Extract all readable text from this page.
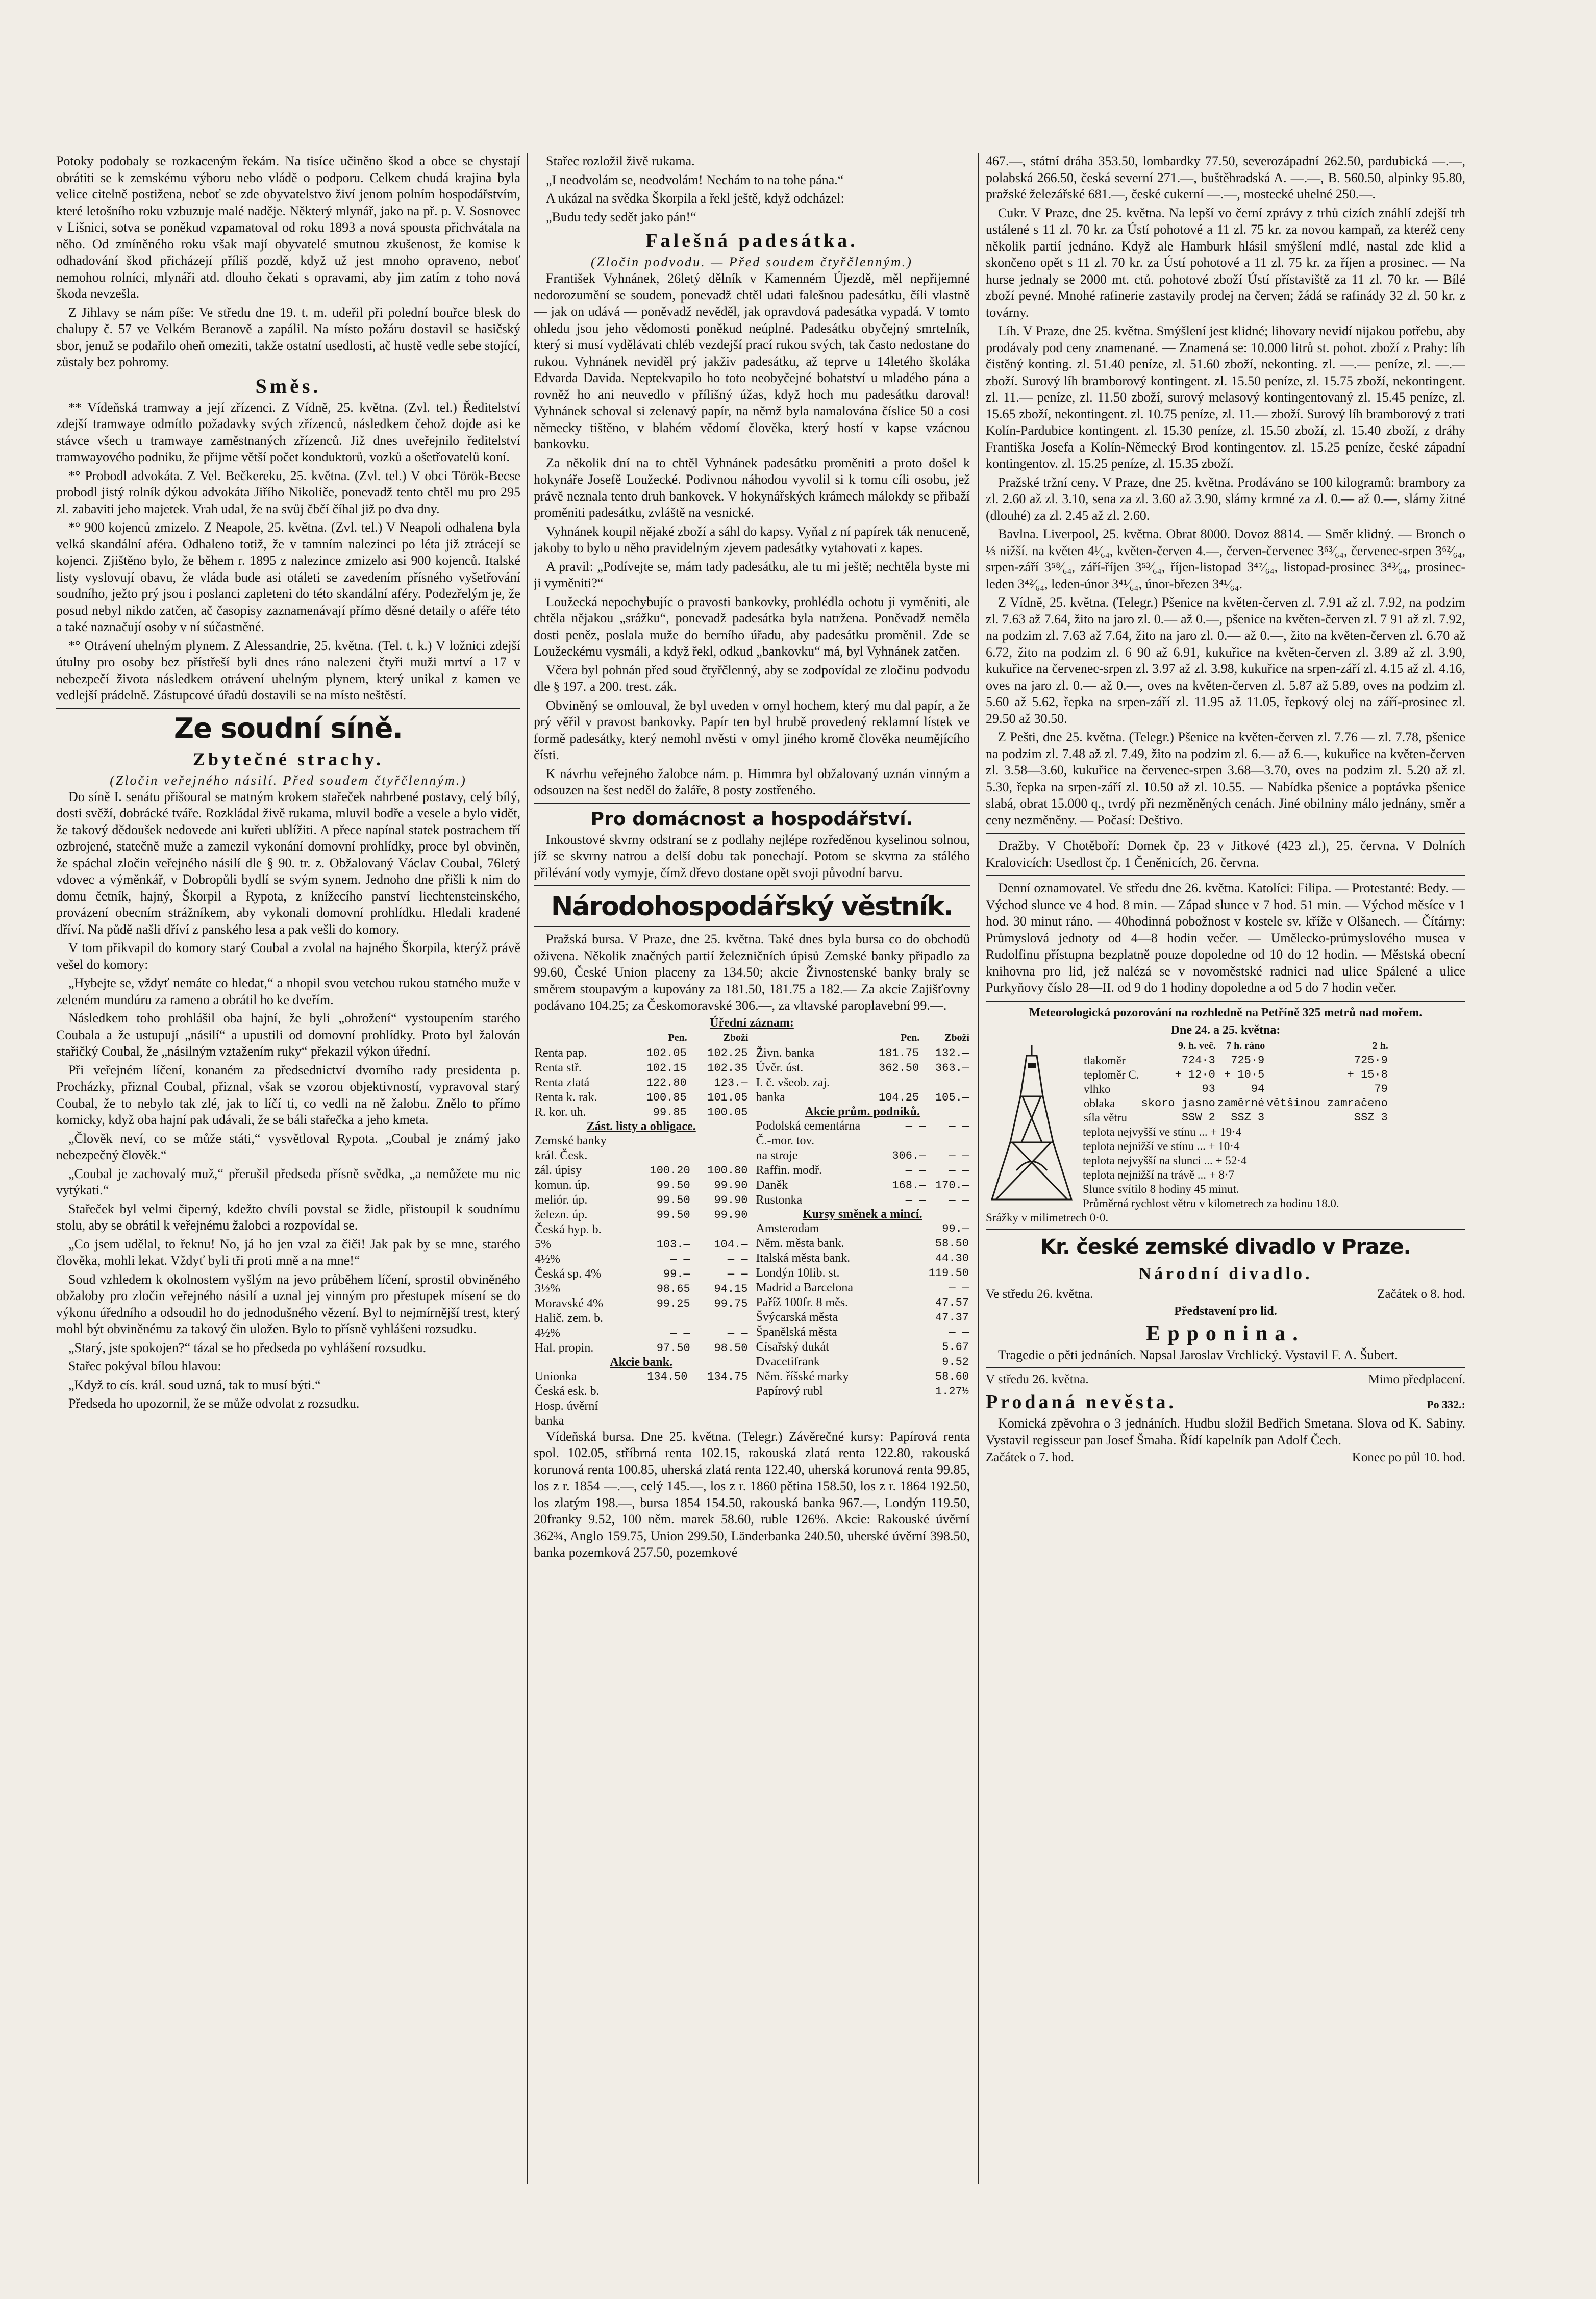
Potoky podobaly se rozkaceným řekám. Na tisíce učiněno škod a obce se chystají obrátiti se k zemskému výboru nebo vládě o podporu. Celkem chudá krajina byla velice citelně postižena, neboť se zde obyvatelstvo živí jenom polním hospodářstvím, které letošního roku vzbuzuje malé naděje. Některý mlynář, jako na př. p. V. Sosnovec v Lišnici, sotva se poněkud vzpamatoval od roku 1893 a nová spousta přichvátala na něho. Od zmíněného roku však mají obyvatelé smutnou zkušenost, že komise k odhadování škod přicházejí příliš pozdě, když už jest mnoho opraveno, neboť nemohou rolníci, mlynáři atd. dlouho čekati s opravami, aby jim zatím z toho nová škoda nevzešla.

Z Jihlavy se nám píše: Ve středu dne 19. t. m. udeřil při polední bouřce blesk do chalupy č. 57 ve Velkém Beranově a zapálil. Na místo požáru dostavil se hasičský sbor, jenuž se podařilo oheň omeziti, takže ostatní usedlosti, ač hustě vedle sebe stojící, zůstaly bez pohromy.

Směs.

** Vídeňská tramway a její zřízenci. Z Vídně, 25. května. (Zvl. tel.) Ředitelství zdejší tramwaye odmítlo požadavky svých zřízenců, následkem čehož dojde asi ke stávce všech u tramwaye zaměstnaných zřízenců. Již dnes uveřejnilo ředitelství tramwayového podniku, že přijme větší počet konduktorů, vozků a ošetřovatelů koní.

*° Probodl advokáta. Z Vel. Bečkereku, 25. května. (Zvl. tel.) V obci Török-Becse probodl jistý rolník dýkou advokáta Jiřího Nikoliče, ponevadž tento chtěl mu pro 295 zl. zabaviti jeho majetek. Vrah udal, že na svůj čbčí číhal již po dva dny.

*° 900 kojenců zmizelo. Z Neapole, 25. května. (Zvl. tel.) V Neapoli odhalena byla velká skandální aféra. Odhaleno totiž, že v tamním nalezinci po léta již ztrácejí se kojenci. Zjištěno bylo, že během r. 1895 z nalezince zmizelo asi 900 kojenců. Italské listy vyslovují obavu, že vláda bude asi otáleti se zavedením přísného vyšetřování soudního, ježto prý jsou i poslanci zapleteni do této skandální aféry. Podezřelým je, že posud nebyl nikdo zatčen, ač časopisy zaznamenávají přímo děsné detaily o aféře této a také naznačují osoby v ní súčastněné.

*° Otrávení uhelným plynem. Z Alessandrie, 25. května. (Tel. t. k.) V ložnici zdejší útulny pro osoby bez přístřeší byli dnes ráno nalezeni čtyři muži mrtví a 17 v nebezpečí života následkem otrávení uhelným plynem, který unikal z kamen ve vedlejší prádelně. Zástupcové úřadů dostavili se na místo neštěstí.

Ze soudní síně.
Zbytečné strachy.
(Zločin veřejného násilí. Před soudem čtyřčlenným.)

Do síně I. senátu přišoural se matným krokem stařeček nahrbené postavy, celý bílý, dosti svěží, dobrácké tváře. Rozkládal živě rukama, mluvil bodře a vesele a bylo vidět, že takový dědoušek nedovede ani kuřeti ublížiti. A přece napínal statek postrachem tří ozbrojené, statečně muže a zamezil vykonání domovní prohlídky, proce byl obviněn, že spáchal zločin veřejného násilí dle § 90. tr. z. Obžalovaný Václav Coubal, 76letý vdovec a výměnkář, v Dobropůli bydlí se svým synem. Jednoho dne přišli k nim do domu četník, hajný, Škorpil a Rypota, z knížecího panství liechtensteinského, provázení obecním strážníkem, aby vykonali domovní prohlídku. Hledali kradené dříví. Na půdě našli dříví z panského lesa a pak vešli do komory.

V tom přikvapil do komory starý Coubal a zvolal na hajného Škorpila, kterýž právě vešel do komory:

„Hybejte se, vždyť nemáte co hledat,“ a nhopil svou vetchou rukou statného muže v zeleném mundúru za rameno a obrátil ho ke dveřím.

Následkem toho prohlášil oba hajní, že byli „ohrožení“ vystoupením starého Coubala a že ustupují „násilí“ a upustili od domovní prohlídky. Proto byl žalován stařičký Coubal, že „násilným vztažením ruky“ překazil výkon úřední.

Při veřejném líčení, konaném za předsednictví dvorního rady presidenta p. Procházky, přiznal Coubal, přiznal, však se vzorou objektivností, vypravoval starý Coubal, že to nebylo tak zlé, jak to líčí ti, co vedli na ně žalobu. Znělo to přímo komicky, když oba hajní pak udávali, že se báli stařečka a jeho kmeta.

„Člověk neví, co se může státi,“ vysvětloval Rypota. „Coubal je známý jako nebezpečný člověk.“

„Coubal je zachovalý muž,“ přerušil předseda přísně svědka, „a nemůžete mu nic vytýkati.“

Stařeček byl velmi čiperný, kdežto chvíli povstal se židle, přistoupil k soudnímu stolu, aby se obrátil k veřejnému žalobci a rozpovídal se.

„Co jsem udělal, to řeknu! No, já ho jen vzal za čiči! Jak pak by se mne, starého člověka, mohli lekat. Vždyť byli tři proti mně a na mne!“

Soud vzhledem k okolnostem vyšlým na jevo průběhem líčení, sprostil obviněného obžaloby pro zločin veřejného násilí a uznal jej vinným pro přestupek mísení se do výkonu úředního a odsoudil ho do jednodušného vězení. Byl to nejmírnější trest, který mohl být obviněnému za takový čin uložen. Bylo to přísně vyhlášeni rozsudku.

„Starý, jste spokojen?“ tázal se ho předseda po vyhlášení rozsudku.

Stařec pokýval bílou hlavou:

„Když to cís. král. soud uzná, tak to musí býti.“

Předseda ho upozornil, že se může odvolat z rozsudku.

Stařec rozložil živě rukama.

„I neodvolám se, neodvolám! Nechám to na tohe pána.“

A ukázal na svědka Škorpila a řekl ještě, když odcházel:

„Budu tedy sedět jako pán!“

Falešná padesátka.
(Zločin podvodu. — Před soudem čtyřčlenným.)

František Vyhnánek, 26letý dělník v Kamenném Újezdě, měl nepřijemné nedorozumění se soudem, ponevadž chtěl udati falešnou padesátku, číli vlastně — jak on udává — poněvadž nevěděl, jak opravdová padesátka vypadá. V tomto ohledu jsou jeho vědomosti poněkud neúplné. Padesátku obyčejný smrtelník, který si musí vydělávati chléb vezdejší prací rukou svých, tak často nedostane do rukou. Vyhnánek neviděl prý jakživ padesátku, až teprve u 14letého školáka Edvarda Davida. Neptekvapilo ho toto neobyčejné bohatství u mladého pána a rovněž ho ani neuvedlo v přílišný úžas, když hoch mu padesátku daroval! Vyhnánek schoval si zelenavý papír, na němž byla namalována číslice 50 a cosi německy tištěno, v blahém vědomí člověka, který hostí v kapse vzácnou bankovku.

Za několik dní na to chtěl Vyhnánek padesátku proměniti a proto došel k hokynáře Josefě Loužecké. Podivnou náhodou vyvolil si k tomu cíli osobu, jež právě neznala tento druh bankovek. V hokynářských krámech málokdy se přibaží proměniti padesátku, zvláště na vesnické.

Vyhnánek koupil nějaké zboží a sáhl do kapsy. Vyňal z ní papírek ták nenuceně, jakoby to bylo u něho pravidelným zjevem padesátky vytahovati z kapes.

A pravil: „Podívejte se, mám tady padesátku, ale tu mi ještě; nechtěla byste mi ji vyměniti?“

Loužecká nepochybujíc o pravosti bankovky, prohlédla ochotu ji vyměniti, ale chtěla nějakou „srážku“, ponevadž padesátka byla natržena. Poněvadž neměla dosti peněz, poslala muže do berního úřadu, aby padesátku proměnil. Zde se Loužeckému vysmáli, a když řekl, odkud „bankovku“ má, byl Vyhnánek zatčen.

Včera byl pohnán před soud čtyřčlenný, aby se zodpovídal ze zločinu podvodu dle § 197. a 200. trest. zák.

Obviněný se omlouval, že byl uveden v omyl hochem, který mu dal papír, a že prý věřil v pravost bankovky. Papír ten byl hrubě provedený reklamní lístek ve formě padesátky, který nemohl nvěsti v omyl jiného kromě člověka neumějícího čísti.

K návrhu veřejného žalobce nám. p. Himmra byl obžalovaný uznán vinným a odsouzen na šest neděl do žaláře, 8 posty zostřeného.

Pro domácnost a hospodářství.

Inkoustové skvrny odstraní se z podlahy nejlépe rozředěnou kyselinou solnou, jíž se skvrny natrou a delší dobu tak ponechají. Potom se skvrna za stálého přilévání vody vymyje, čímž dřevo dostane opět svoji původní barvu.

Národohospodářský věstník.

Pražská bursa. V Praze, dne 25. května. Také dnes byla bursa co do obchodů oživena. Několik značných partií železničních úpisů Zemské banky připadlo za 99.60, České Union placeny za 134.50; akcie Živnostenské banky braly se směrem stoupavým a kupovány za 181.50, 181.75 a 182.— Za akcie Zajišťovny podávano 104.25; za Českomoravské 306.—, za vltavské paroplavební 99.—.

Úřední záznam:
	Pen.	Zboží
Renta pap.	102.05	102.25
Renta stř.	102.15	102.35
Renta zlatá	122.80	123.—
Renta k. rak.	100.85	101.05
R. kor. uh.	99.85	100.05
Zást. listy a obligace.
Zemské banky		
král. Česk.		
zál. úpisy	100.20	100.80
komun. úp.	99.50	99.90
meliór. úp.	99.50	99.90
železn. úp.	99.50	99.90
Česká hyp. b.		
5%	103.—	104.—
4½%	— —	— —
Česká sp. 4%	99.—	— —
3½%	98.65	94.15
Moravské 4%	99.25	99.75
Halič. zem. b.		
4½%	— —	— —
Hal. propin.	97.50	98.50
Akcie bank.
Unionka	134.50	134.75
Česká esk. b.		
Hosp. úvěrní		
banka		
	Pen.	Zboží
Živn. banka	181.75	132.—
Úvěr. úst.	362.50	363.—
I. č. všeob. zaj.		
banka	104.25	105.—
Akcie prům. podniků.
Podolská cementárna	— —	— —
Č.-mor. tov.		
na stroje	306.—	— —
Raffin. modř.	— —	— —
Daněk	168.—	170.—
Rustonka	— —	— —
Kursy směnek a mincí.
Amsterodam	99.—
Něm. města bank.	58.50
Italská města bank.	44.30
Londýn 10lib. st.	119.50
Madrid a Barcelona	— —
Paříž 100fr. 8 měs.	47.57
Švýcarská města	47.37
Španělská města	— —
Císařský dukát	5.67
Dvacetifrank	9.52
Něm. říšské marky	58.60
Papírový rubl	1.27½

Vídeňská bursa. Dne 25. května. (Telegr.) Závěrečné kursy: Papírová renta spol. 102.05, stříbrná renta 102.15, rakouská zlatá renta 122.80, rakouská korunová renta 100.85, uherská zlatá renta 122.40, uherská korunová renta 99.85, los z r. 1854 —.—, celý 145.—, los z r. 1860 pětina 158.50, los z r. 1864 192.50, los zlatým 198.—, bursa 1854 154.50, rakouská banka 967.—, Londýn 119.50, 20franky 9.52, 100 něm. marek 58.60, ruble 126%. Akcie: Rakouské úvěrní 362¾, Anglo 159.75, Union 299.50, Länderbanka 240.50, uherské úvěrní 398.50, banka pozemková 257.50, pozemkové

467.—, státní dráha 353.50, lombardky 77.50, severozápadní 262.50, pardubická —.—, polabská 266.50, česká severní 271.—, buštěhradská A. —.—, B. 560.50, alpinky 95.80, pražské železářské 681.—, české cukerní —.—, mostecké uhelné 250.—.

Cukr. V Praze, dne 25. května. Na lepší vo černí zprávy z trhů cizích znáhlí zdejší trh ustálené s 11 zl. 70 kr. za Ústí pohotové a 11 zl. 75 kr. za novou kampaň, za kteréž ceny několik partií jednáno. Když ale Hamburk hlásil smýšlení mdlé, nastal zde klid a skončeno opět s 11 zl. 70 kr. za Ústí pohotové a 11 zl. 75 kr. za říjen a prosinec. — Na hurse jednaly se 2000 mt. ctů. pohotové zboží Ústí přístaviště za 11 zl. 70 kr. — Bílé zboží pevné. Mnohé rafinerie zastavily prodej na červen; žádá se rafinády 32 zl. 50 kr. z továrny.

Líh. V Praze, dne 25. května. Smýšlení jest klidné; lihovary nevidí nijakou potřebu, aby prodávaly pod ceny znamenané. — Znamená se: 10.000 litrů st. pohot. zboží z Prahy: líh čistěný konting. zl. 51.40 peníze, zl. 51.60 zboží, nekonting. zl. —.— peníze, zl. —.— zboží. Surový líh bramborový kontingent. zl. 15.50 peníze, zl. 15.75 zboží, nekontingent. zl. 11.— peníze, zl. 11.50 zboží, surový melasový kontingentovaný zl. 15.45 peníze, zl. 15.65 zboží, nekontingent. zl. 10.75 peníze, zl. 11.— zboží. Surový líh bramborový z trati Kolín-Pardubice kontingent. zl. 15.30 peníze, zl. 15.50 zboží, zl. 15.40 zboží, z dráhy Františka Josefa a Kolín-Německý Brod kontingentov. zl. 15.25 peníze, české západní kontingentov. zl. 15.25 peníze, zl. 15.35 zboží.

Pražské tržní ceny. V Praze, dne 25. května. Prodáváno se 100 kilogramů: brambory za zl. 2.60 až zl. 3.10, sena za zl. 3.60 až 3.90, slámy krmné za zl. 0.— až 0.—, slámy žitné (dlouhé) za zl. 2.45 až zl. 2.60.

Bavlna. Liverpool, 25. května. Obrat 8000. Dovoz 8814. — Směr klidný. — Bronch o ⅓ nižší. na květen 4¹⁄₆₄, květen-červen 4.—, červen-červenec 3⁶³⁄₆₄, červenec-srpen 3⁶²⁄₆₄, srpen-září 3⁵⁸⁄₆₄, září-říjen 3⁵³⁄₆₄, říjen-listopad 3⁴⁷⁄₆₄, listopad-prosinec 3⁴³⁄₆₄, prosinec-leden 3⁴²⁄₆₄, leden-únor 3⁴¹⁄₆₄, únor-březen 3⁴¹⁄₆₄.

Z Vídně, 25. května. (Telegr.) Pšenice na květen-červen zl. 7.91 až zl. 7.92, na podzim zl. 7.63 až 7.64, žito na jaro zl. 0.— až 0.—, pšenice na květen-červen zl. 7 91 až zl. 7.92, na podzim zl. 7.63 až 7.64, žito na jaro zl. 0.— až 0.—, žito na květen-červen zl. 6.70 až 6.72, žito na podzim zl. 6 90 až 6.91, kukuřice na květen-červen zl. 3.89 až zl. 3.90, kukuřice na červenec-srpen zl. 3.97 až zl. 3.98, kukuřice na srpen-září zl. 4.15 až zl. 4.16, oves na jaro zl. 0.— až 0.—, oves na květen-červen zl. 5.87 až 5.89, oves na podzim zl. 5.60 až 5.62, řepka na srpen-září zl. 11.95 až 11.05, řepkový olej na září-prosinec zl. 29.50 až 30.50.

Z Pešti, dne 25. května. (Telegr.) Pšenice na květen-červen zl. 7.76 — zl. 7.78, pšenice na podzim zl. 7.48 až zl. 7.49, žito na podzim zl. 6.— až 6.—, kukuřice na květen-červen zl. 3.58—3.60, kukuřice na červenec-srpen 3.68—3.70, oves na podzim zl. 5.20 až zl. 5.30, řepka na srpen-září zl. 10.50 až zl. 10.55. — Nabídka pšenice a poptávka pšenice slabá, obrat 15.000 q., tvrdý při nezměněných cenách. Jiné obilniny málo jednány, směr a ceny nezměněny. — Počasí: Deštivo.

Dražby. V Chotěboří: Domek čp. 23 v Jitkové (423 zl.), 25. června. V Dolních Kralovicích: Usedlost čp. 1 Čeněnicích, 26. června.

Denní oznamovatel. Ve středu dne 26. května. Katolíci: Filipa. — Protestanté: Bedy. — Východ slunce ve 4 hod. 8 min. — Západ slunce v 7 hod. 51 min. — Východ měsíce v 1 hod. 30 minut ráno. — 40hodinná pobožnost v kostele sv. kříže v Olšanech. — Čítárny: Průmyslová jednoty od 4—8 hodin večer. — Umělecko-průmyslového musea v Rudolfinu přístupna bezplatně pouze dopoledne od 10 do 12 hodin. — Městská obecní knihovna pro lid, jež nalézá se v novoměstské radnici nad ulice Spálené a ulice Purkyňovy číslo 28—II. od 9 do 1 hodiny dopoledne a od 5 do 7 hodin večer.

Meteorologická pozorování na rozhledně na Petříně 325 metrů nad mořem.
Dne 24. a 25. května:
	9. h. več.	7 h. ráno	2 h.
tlakoměr	724·3	725·9	725·9
teploměr C.	+ 12·0	+ 10·5	+ 15·8
vlhko	93	94	79
oblaka	skoro jasno	zaměrné	většinou zamračeno
síla větru	SSW 2	SSZ 3	SSZ 3
teplota nejvyšší ve stínu ... + 19·4
teplota nejnižší ve stínu ... + 10·4
teplota nejvyšší na slunci ... + 52·4
teplota nejnižší na trávě ... + 8·7
Slunce svítilo 8 hodiny 45 minut.
Průměrná rychlost větru v kilometrech za hodinu 18.0.
Srážky v milimetrech 0·0.
Kr. české zemské divadlo v Praze.
Národní divadlo.
Ve středu 26. května.	Začátek o 8. hod.
Představení pro lid.
Epponina.

Tragedie o pěti jednáních. Napsal Jaroslav Vrchlický. Vystavil F. A. Šubert.

V středu 26. května.	Mimo předplacení.
Prodaná nevěsta.	Po 332.:

Komická zpěvohra o 3 jednáních. Hudbu složil Bedřich Smetana. Slova od K. Sabiny. Vystavil regisseur pan Josef Šmaha. Řídí kapelník pan Adolf Čech.

Začátek o 7. hod.	Konec po půl 10. hod.
